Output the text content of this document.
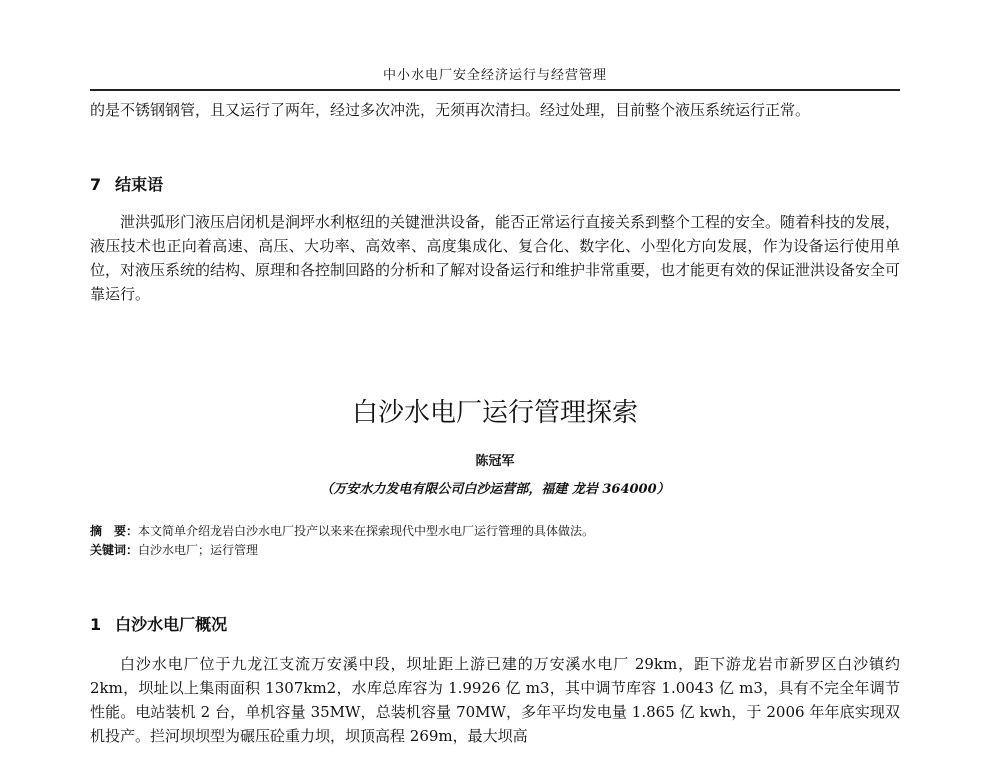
中小水电厂安全经济运行与经营管理

的是不锈钢钢管，且又运行了两年，经过多次冲洗，无须再次清扫。经过处理，目前整个液压系统运行正常。

7 结束语

泄洪弧形门液压启闭机是涧坪水利枢纽的关键泄洪设备，能否正常运行直接关系到整个工程的安全。随着科技的发展，液压技术也正向着高速、高压、大功率、高效率、高度集成化、复合化、数字化、小型化方向发展，作为设备运行使用单位，对液压系统的结构、原理和各控制回路的分析和了解对设备运行和维护非常重要，也才能更有效的保证泄洪设备安全可靠运行。

白沙水电厂运行管理探索
陈冠军
（万安水力发电有限公司白沙运营部，福建 龙岩 364000）
摘　要：本文简单介绍龙岩白沙水电厂投产以来来在探索现代中型水电厂运行管理的具体做法。
关键词：白沙水电厂；运行管理
1 白沙水电厂概况

白沙水电厂位于九龙江支流万安溪中段，坝址距上游已建的万安溪水电厂 29km，距下游龙岩市新罗区白沙镇约 2km，坝址以上集雨面积 1307km2，水库总库容为 1.9926 亿 m3，其中调节库容 1.0043 亿 m3，具有不完全年调节性能。电站装机 2 台，单机容量 35MW，总装机容量 70MW，多年平均发电量 1.865 亿 kwh，于 2006 年年底实现双机投产。拦河坝坝型为碾压砼重力坝，坝顶高程 269m，最大坝高
